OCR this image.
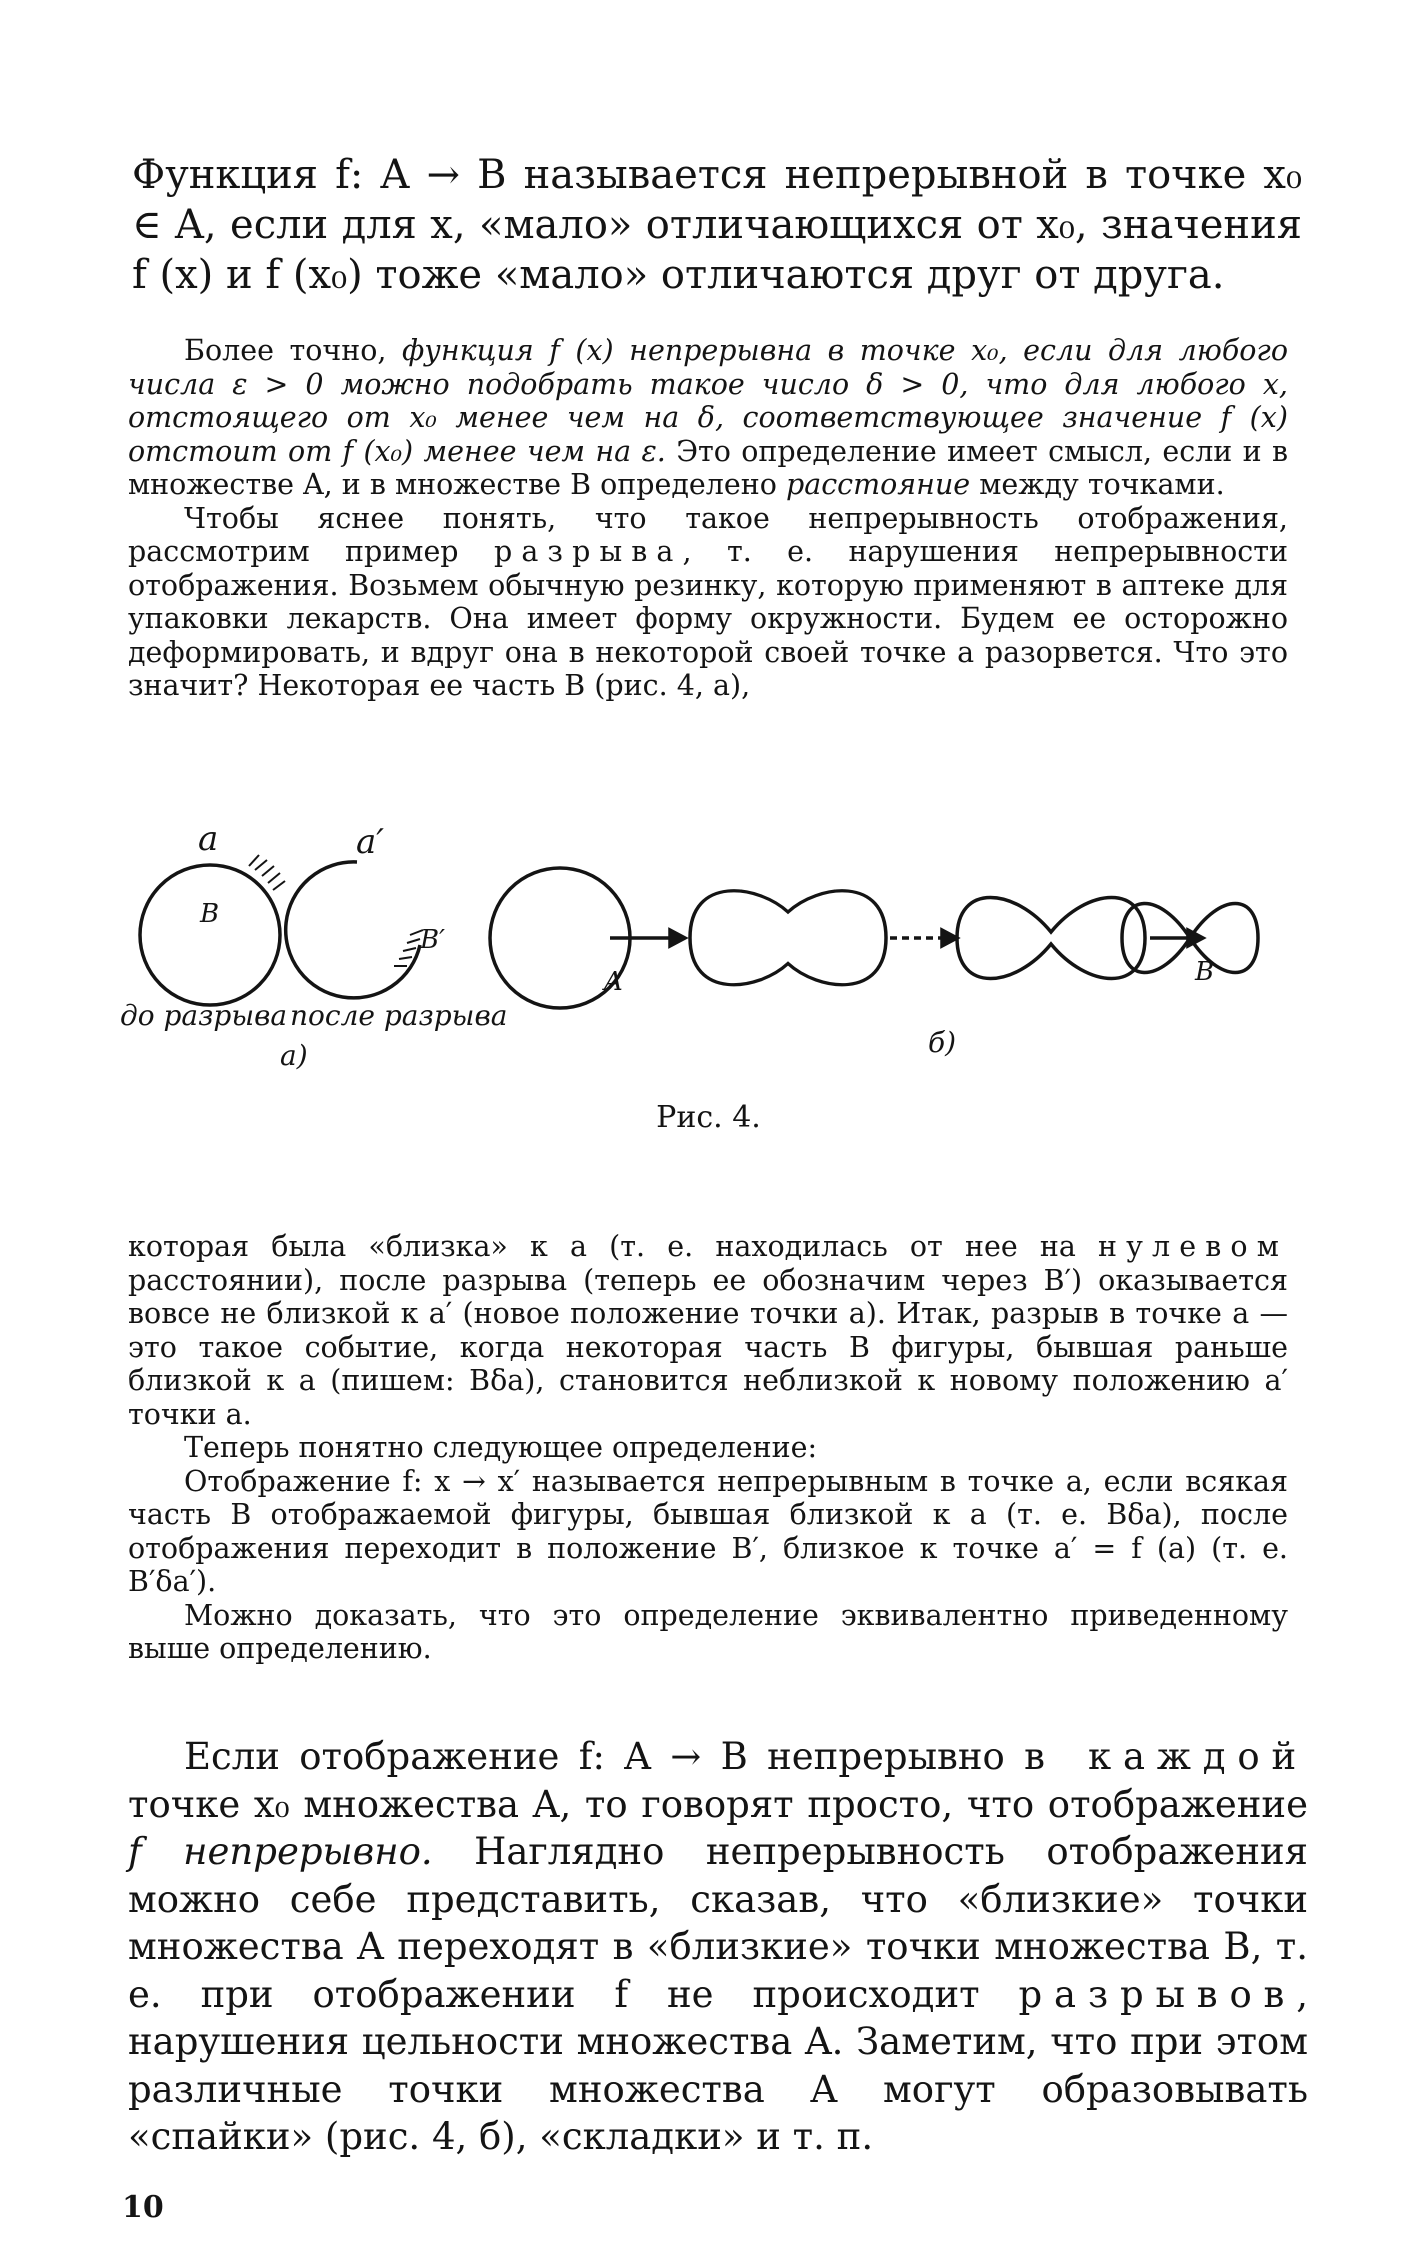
Функция f: A → B называется непрерывной в точке x₀ ∈ A, если для x, «мало» отличающихся от x₀, значения f (x) и f (x₀) тоже «мало» отличаются друг от друга.

Более точно, функция f (x) непрерывна в точке x₀, если для любого числа ε > 0 можно подобрать такое число δ > 0, что для любого x, отстоящего от x₀ менее чем на δ, соответствующее значение f (x) отстоит от f (x₀) менее чем на ε. Это определение имеет смысл, если и в множестве A, и в множестве B определено расстояние между точками.

Чтобы яснее понять, что такое непрерывность отображения, рассмотрим пример разрыва, т. е. нарушения непрерывности отображения. Возьмем обычную резинку, которую применяют в аптеке для упаковки лекарств. Она имеет форму окружности. Будем ее осторожно деформировать, и вдруг она в некоторой своей точке a разорвется. Что это значит? Некоторая ее часть B (рис. 4, a),

a	a′
B
B′
A	B
до разрыва после разрыва
a)	б)
Рис. 4.

которая была «близка» к a (т. е. находилась от нее на нулевом расстоянии), после разрыва (теперь ее обозначим через B′) оказывается вовсе не близкой к a′ (новое положение точки a). Итак, разрыв в точке a — это такое событие, когда некоторая часть B фигуры, бывшая раньше близкой к a (пишем: Bδa), становится неблизкой к новому положению a′ точки a.

Теперь понятно следующее определение:

Отображение f: x → x′ называется непрерывным в точке a, если всякая часть B отображаемой фигуры, бывшая близкой к a (т. е. Bδa), после отображения переходит в положение B′, близкое к точке a′ = f (a) (т. е. B′δa′).

Можно доказать, что это определение эквивалентно приведенному выше определению.

Если отображение f: A → B непрерывно в каждой точке x₀ множества A, то говорят просто, что отображение f непрерывно. Наглядно непрерывность отображения можно себе представить, сказав, что «близкие» точки множества A переходят в «близкие» точки множества B, т. е. при отображении f не происходит разрывов, нарушения цельности множества A. Заметим, что при этом различные точки множества A могут образовывать «спайки» (рис. 4, б), «складки» и т. п.

10
